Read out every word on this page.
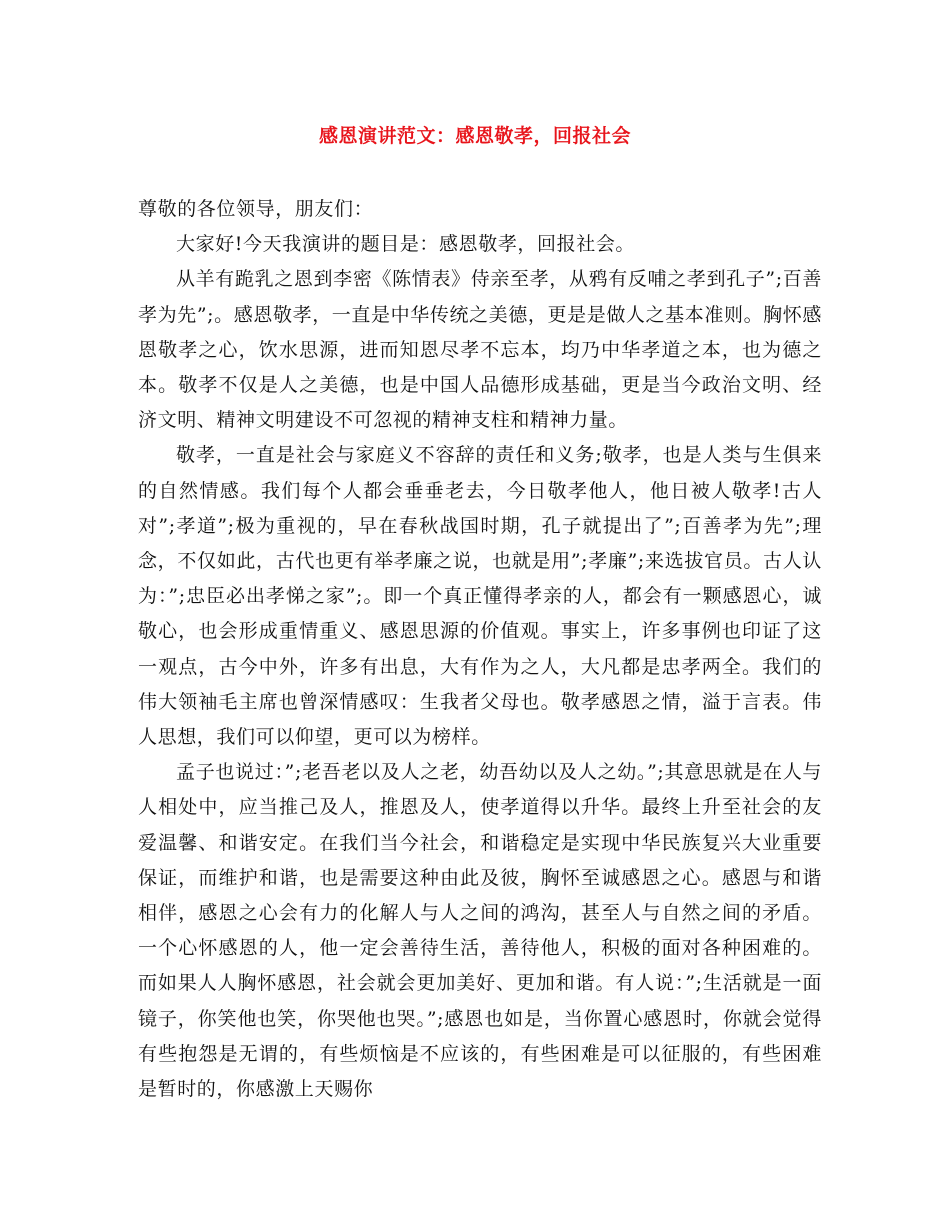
感恩演讲范文：感恩敬孝，回报社会

尊敬的各位领导，朋友们：

大家好!今天我演讲的题目是：感恩敬孝，回报社会。

从羊有跪乳之恩到李密《陈情表》侍亲至孝，从鸦有反哺之孝到孔子”;百善孝为先”;。感恩敬孝，一直是中华传统之美德，更是是做人之基本准则。胸怀感恩敬孝之心，饮水思源，进而知恩尽孝不忘本，均乃中华孝道之本，也为德之本。敬孝不仅是人之美德，也是中国人品德形成基础，更是当今政治文明、经济文明、精神文明建设不可忽视的精神支柱和精神力量。

敬孝，一直是社会与家庭义不容辞的责任和义务;敬孝，也是人类与生俱来的自然情感。我们每个人都会垂垂老去，今日敬孝他人，他日被人敬孝!古人对”;孝道”;极为重视的，早在春秋战国时期，孔子就提出了”;百善孝为先”;理念，不仅如此，古代也更有举孝廉之说，也就是用”;孝廉”;来选拔官员。古人认为：”;忠臣必出孝悌之家”;。即一个真正懂得孝亲的人，都会有一颗感恩心，诚敬心，也会形成重情重义、感恩思源的价值观。事实上，许多事例也印证了这一观点，古今中外，许多有出息，大有作为之人，大凡都是忠孝两全。我们的伟大领袖毛主席也曾深情感叹：生我者父母也。敬孝感恩之情，溢于言表。伟人思想，我们可以仰望，更可以为榜样。

孟子也说过：”;老吾老以及人之老，幼吾幼以及人之幼。”;其意思就是在人与人相处中，应当推己及人，推恩及人，使孝道得以升华。最终上升至社会的友爱温馨、和谐安定。在我们当今社会，和谐稳定是实现中华民族复兴大业重要保证，而维护和谐，也是需要这种由此及彼，胸怀至诚感恩之心。感恩与和谐相伴，感恩之心会有力的化解人与人之间的鸿沟，甚至人与自然之间的矛盾。一个心怀感恩的人，他一定会善待生活，善待他人，积极的面对各种困难的。而如果人人胸怀感恩，社会就会更加美好、更加和谐。有人说：”;生活就是一面镜子，你笑他也笑，你哭他也哭。”;感恩也如是，当你置心感恩时，你就会觉得有些抱怨是无谓的，有些烦恼是不应该的，有些困难是可以征服的，有些困难是暂时的，你感激上天赐你
